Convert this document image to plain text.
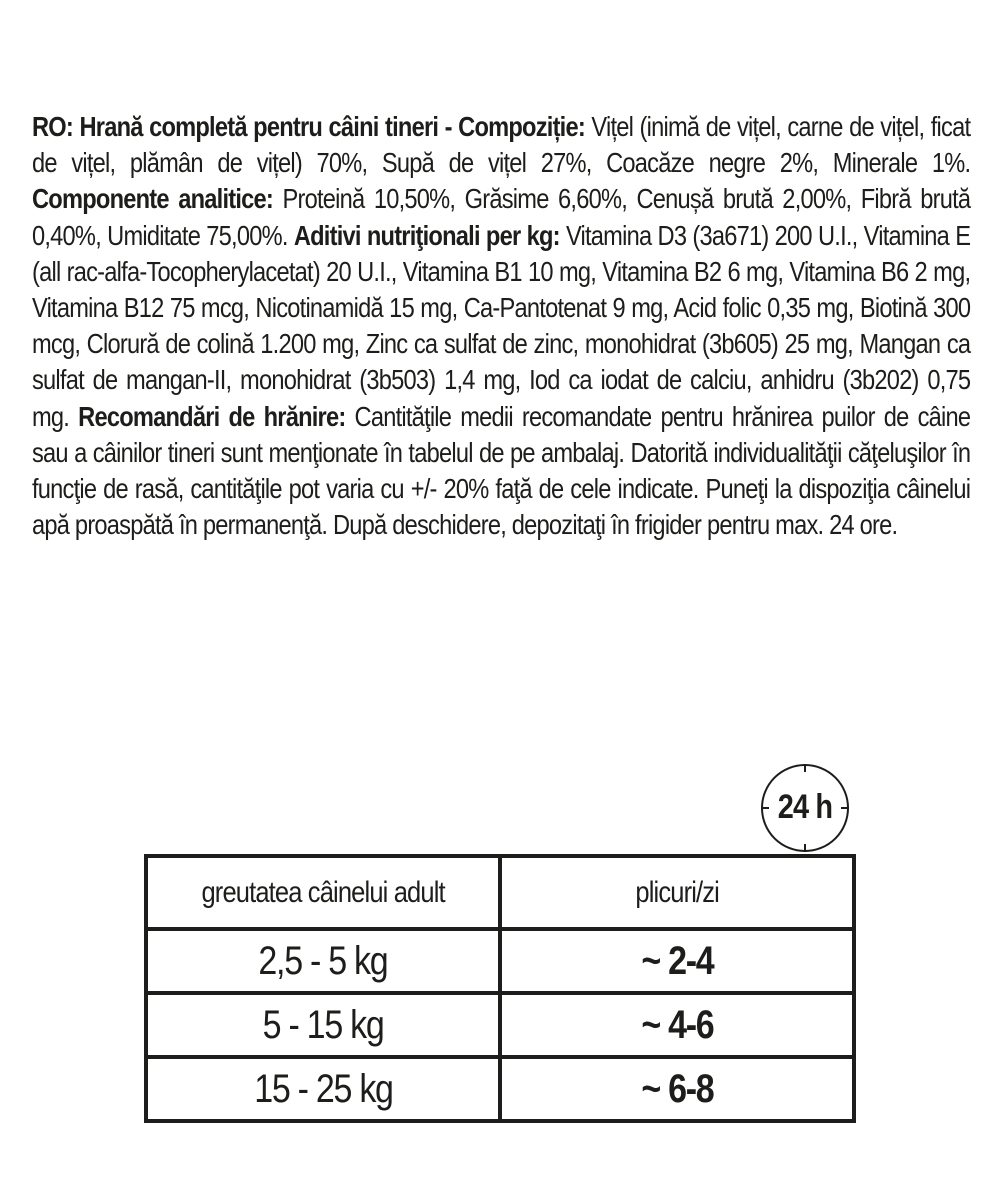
RO: Hrană completă pentru câini tineri - Compoziție: Vițel (inimă de vițel, carne de vițel, ficat de vițel, plămân de vițel) 70%, Supă de vițel 27%, Coacăze negre 2%, Minerale 1%. Componente analitice: Proteină 10,50%, Grăsime 6,60%, Cenușă brută 2,00%, Fibră brută 0,40%, Umiditate 75,00%. Aditivi nutriţionali per kg: Vitamina D3 (3a671) 200 U.I., Vitamina E (all rac-alfa-Tocopherylacetat) 20 U.I., Vitamina B1 10 mg, Vitamina B2 6 mg, Vitamina B6 2 mg, Vitamina B12 75 mcg, Nicotinamidă 15 mg, Ca-Pantotenat 9 mg, Acid folic 0,35 mg, Biotină 300 mcg, Clorură de colină 1.200 mg, Zinc ca sulfat de zinc, monohidrat (3b605) 25 mg, Mangan ca sulfat de mangan-II, monohidrat (3b503) 1,4 mg, Iod ca iodat de calciu, anhidru (3b202) 0,75 mg. Recomandări de hrănire: Cantităţile medii recomandate pentru hrănirea puilor de câine sau a câinilor tineri sunt menţionate în tabelul de pe ambalaj. Datorită individualităţii căţeluşilor în funcţie de rasă, cantităţile pot varia cu +/- 20% faţă de cele indicate. Puneţi la dispoziţia câinelui apă proaspătă în permanenţă. După deschidere, depozitaţi în frigider pentru max. 24 ore.
24 h
greutatea câinelui adult	plicuri/zi
2,5 - 5 kg	~ 2-4
5 - 15 kg	~ 4-6
15 - 25 kg	~ 6-8
